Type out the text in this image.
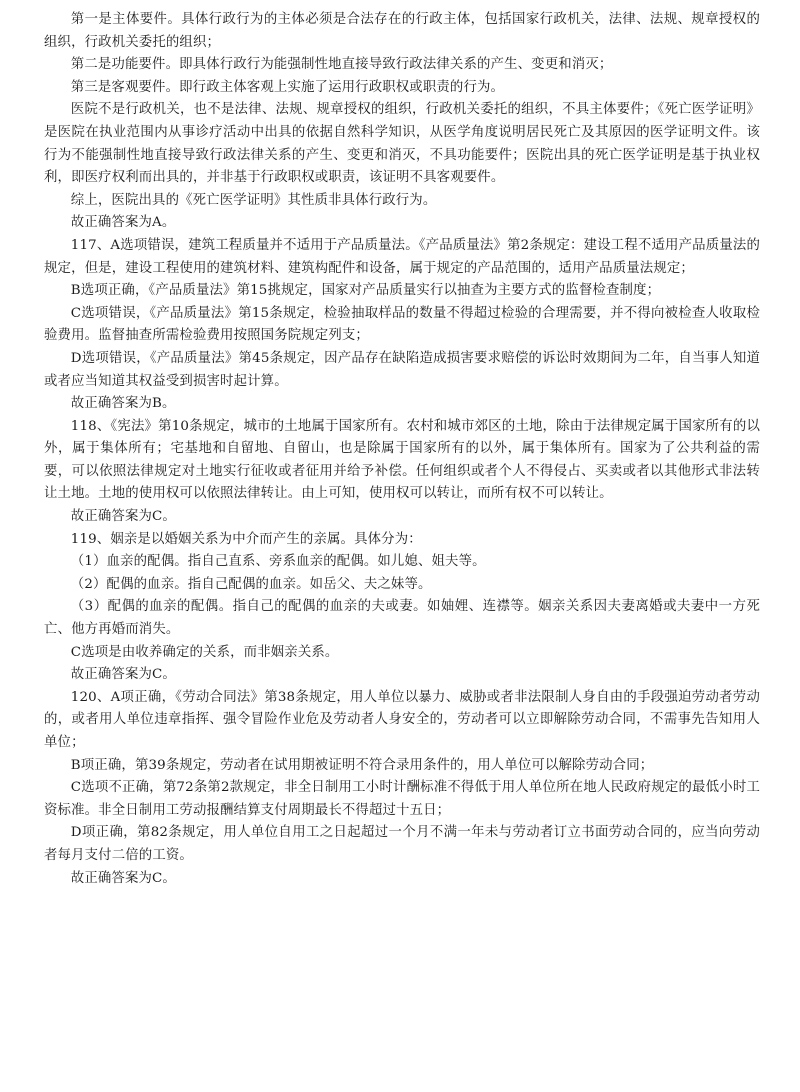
第一是主体要件。具体行政行为的主体必须是合法存在的行政主体，包括国家行政机关，法律、法规、规章授权的组织，行政机关委托的组织；

第二是功能要件。即具体行政行为能强制性地直接导致行政法律关系的产生、变更和消灭；

第三是客观要件。即行政主体客观上实施了运用行政职权或职责的行为。

医院不是行政机关，也不是法律、法规、规章授权的组织，行政机关委托的组织，不具主体要件；《死亡医学证明》是医院在执业范围内从事诊疗活动中出具的依据自然科学知识，从医学角度说明居民死亡及其原因的医学证明文件。该行为不能强制性地直接导致行政法律关系的产生、变更和消灭，不具功能要件；医院出具的死亡医学证明是基于执业权利，即医疗权利而出具的，并非基于行政职权或职责，该证明不具客观要件。

综上，医院出具的《死亡医学证明》其性质非具体行政行为。

故正确答案为A。

117、A选项错误，建筑工程质量并不适用于产品质量法。《产品质量法》第2条规定：建设工程不适用产品质量法的规定，但是，建设工程使用的建筑材料、建筑构配件和设备，属于规定的产品范围的，适用产品质量法规定；

B选项正确，《产品质量法》第15挑规定，国家对产品质量实行以抽查为主要方式的监督检查制度；

C选项错误，《产品质量法》第15条规定，检验抽取样品的数量不得超过检验的合理需要，并不得向被检查人收取检验费用。监督抽查所需检验费用按照国务院规定列支；

D选项错误，《产品质量法》第45条规定，因产品存在缺陷造成损害要求赔偿的诉讼时效期间为二年，自当事人知道或者应当知道其权益受到损害时起计算。

故正确答案为B。

118、《宪法》第10条规定，城市的土地属于国家所有。农村和城市郊区的土地，除由于法律规定属于国家所有的以外，属于集体所有；宅基地和自留地、自留山，也是除属于国家所有的以外，属于集体所有。国家为了公共利益的需要，可以依照法律规定对土地实行征收或者征用并给予补偿。任何组织或者个人不得侵占、买卖或者以其他形式非法转让土地。土地的使用权可以依照法律转让。由上可知，使用权可以转让，而所有权不可以转让。

故正确答案为C。

119、姻亲是以婚姻关系为中介而产生的亲属。具体分为：

（1）血亲的配偶。指自己直系、旁系血亲的配偶。如儿媳、姐夫等。

（2）配偶的血亲。指自己配偶的血亲。如岳父、夫之妹等。

（3）配偶的血亲的配偶。指自己的配偶的血亲的夫或妻。如妯娌、连襟等。姻亲关系因夫妻离婚或夫妻中一方死亡、他方再婚而消失。

C选项是由收养确定的关系，而非姻亲关系。

故正确答案为C。

120、A项正确，《劳动合同法》第38条规定，用人单位以暴力、威胁或者非法限制人身自由的手段强迫劳动者劳动的，或者用人单位违章指挥、强令冒险作业危及劳动者人身安全的，劳动者可以立即解除劳动合同，不需事先告知用人单位；

B项正确，第39条规定，劳动者在试用期被证明不符合录用条件的，用人单位可以解除劳动合同；

C选项不正确，第72条第2款规定，非全日制用工小时计酬标准不得低于用人单位所在地人民政府规定的最低小时工资标准。非全日制用工劳动报酬结算支付周期最长不得超过十五日；

D项正确，第82条规定，用人单位自用工之日起超过一个月不满一年未与劳动者订立书面劳动合同的，应当向劳动者每月支付二倍的工资。

故正确答案为C。
